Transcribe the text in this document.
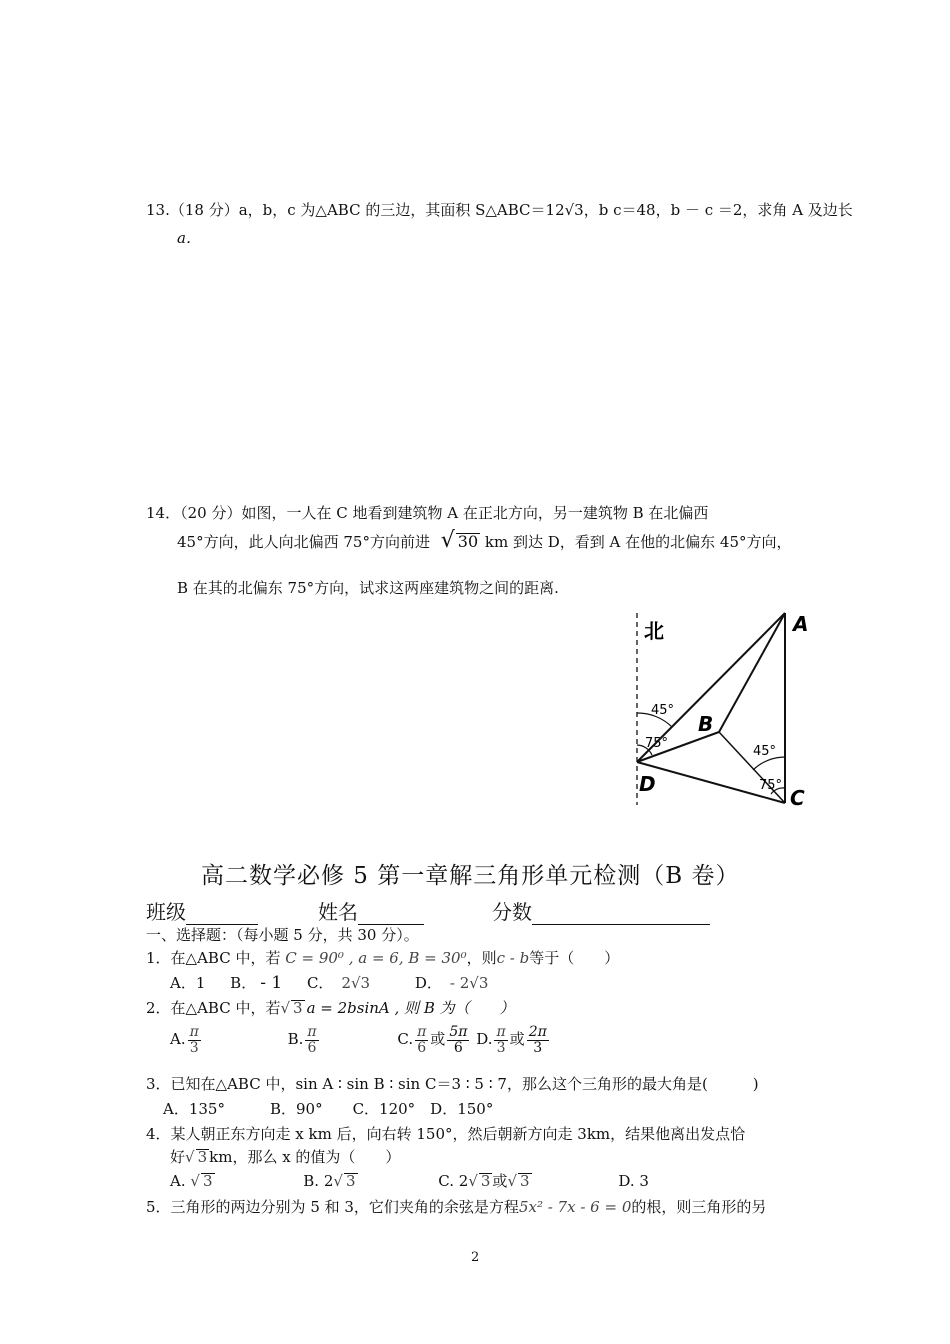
13.（18 分）a，b，c 为△ABC 的三边，其面积 S△ABC＝12√3，b c＝48，b － c ＝2，求角 A 及边长
a．
14．（20 分）如图，一人在 C 地看到建筑物 A 在正北方向，另一建筑物 B 在北偏西
45°方向，此人向北偏西 75°方向前进 √ 30 km 到达 D，看到 A 在他的北偏东 45°方向，
B 在其的北偏东 75°方向，试求这两座建筑物之间的距离.
北	A
B
C
D
45°
75°
45°
75°
高二数学必修 5 第一章解三角形单元检测（B 卷）
班级	姓名	分数
一、选择题：（每小题 5 分，共 30 分）。
1．在△ABC 中，若 C = 90⁰ , a = 6, B = 30⁰，则c - b等于（　　）
A．1 B． - 1 C． 2√3	D． - 2√3
2．在△ABC 中，若√ 3 a = 2bsinA , 则 B 为（　　）
A. $\frac{\pi}{3}$	B. $\frac{\pi}{6}$	C. $\frac{\pi}{6}$ 或 $\frac{5\pi}{6} D$. $\frac{\pi}{3}$ 或 $\frac{2\pi}{3}$
3．已知在△ABC 中，sin A ∶ sin B ∶ sin C＝3 ∶ 5 ∶ 7，那么这个三角形的最大角是(　　　)
A．135°　　　B．90°　　C．120°　D．150°
4．某人朝正东方向走 x km 后，向右转 150°，然后朝新方向走 3km，结果他离出发点恰
好√ 3 km，那么 x 的值为（　　）
A. √ 3	B. 2√ 3	C. 2√ 3 或√ 3	D. 3
5．三角形的两边分别为 5 和 3，它们夹角的余弦是方程5x² - 7x - 6 = 0的根，则三角形的另
2
